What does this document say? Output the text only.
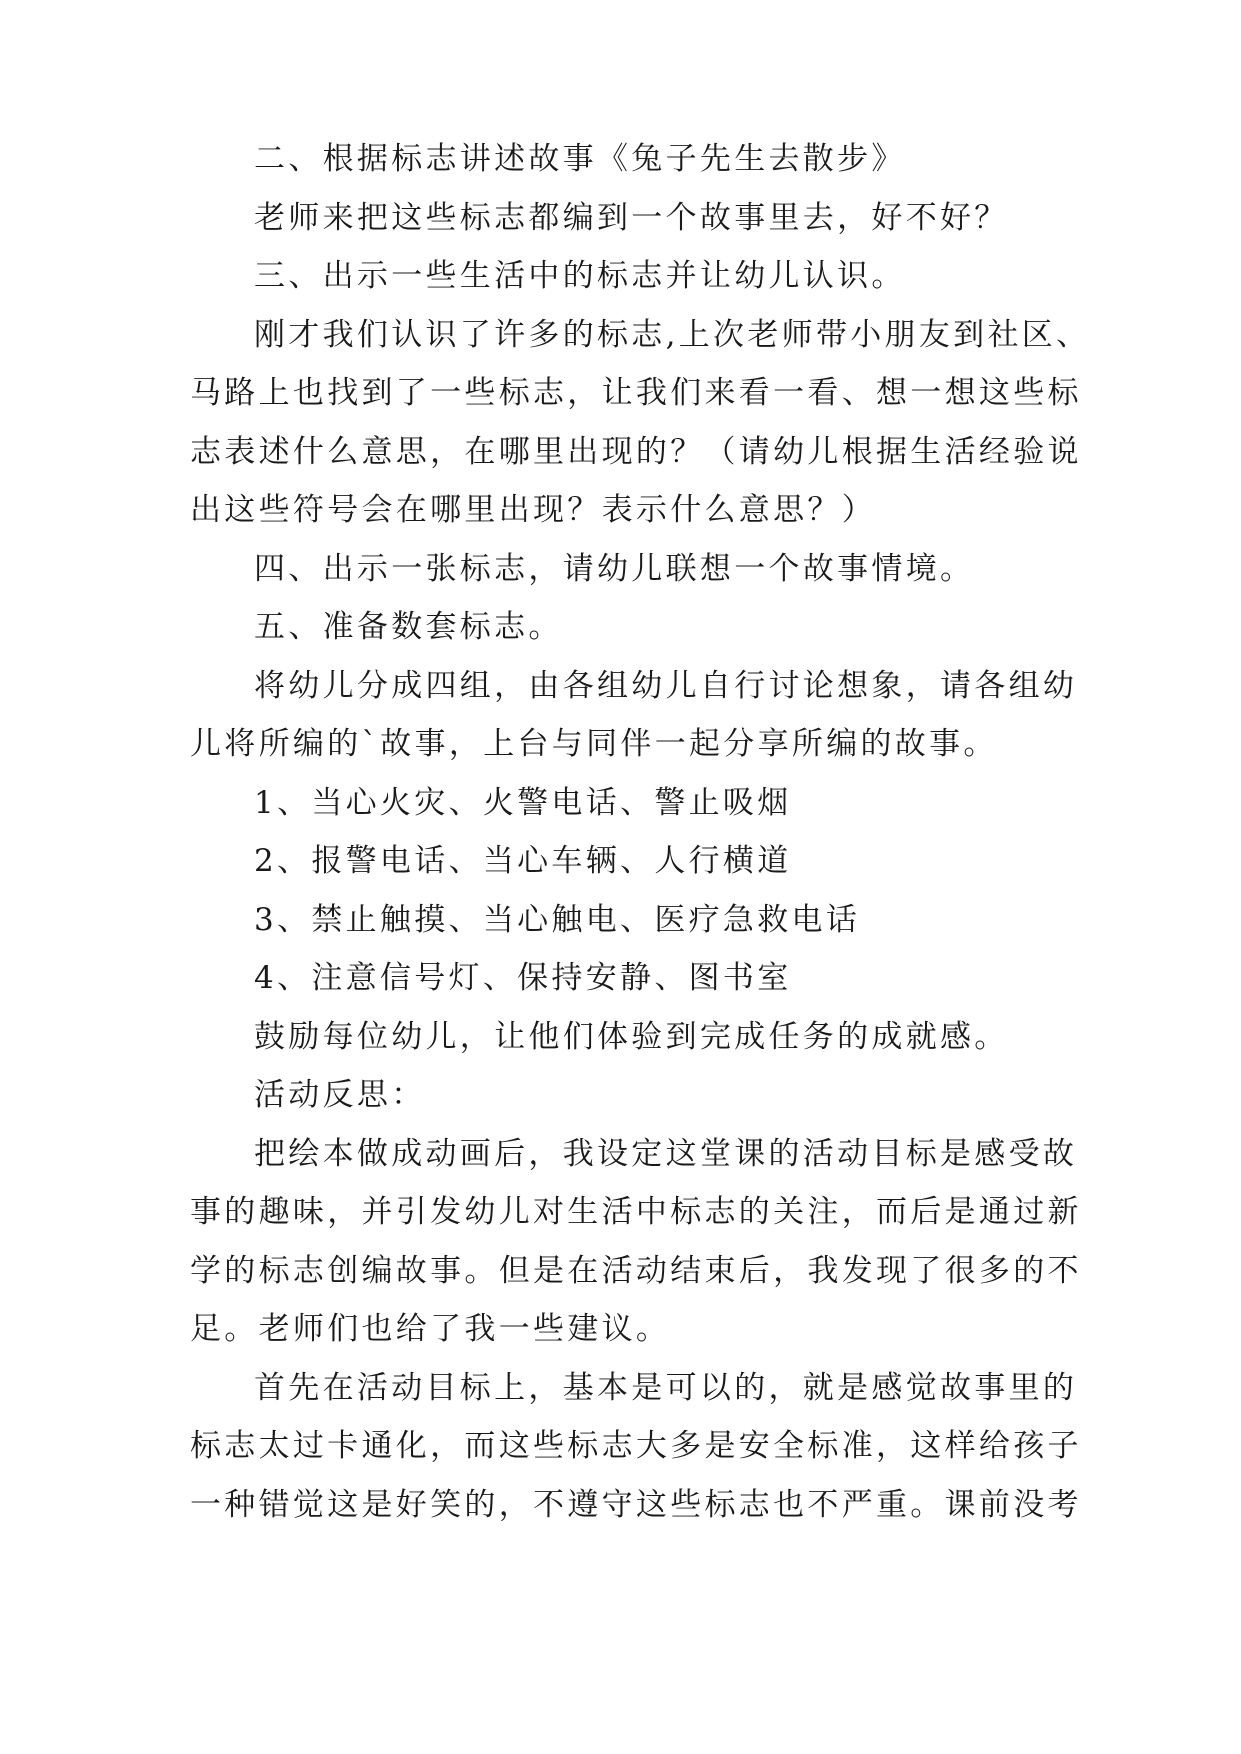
二、根据标志讲述故事《兔子先生去散步》

老师来把这些标志都编到一个故事里去，好不好？

三、出示一些生活中的标志并让幼儿认识。

刚才我们认识了许多的标志,上次老师带小朋友到社区、

马路上也找到了一些标志，让我们来看一看、想一想这些标

志表述什么意思，在哪里出现的？（请幼儿根据生活经验说

出这些符号会在哪里出现？表示什么意思？）

四、出示一张标志，请幼儿联想一个故事情境。

五、准备数套标志。

将幼儿分成四组，由各组幼儿自行讨论想象，请各组幼

儿将所编的`故事，上台与同伴一起分享所编的故事。

1、当心火灾、火警电话、警止吸烟

2、报警电话、当心车辆、人行横道

3、禁止触摸、当心触电、医疗急救电话

4、注意信号灯、保持安静、图书室

鼓励每位幼儿，让他们体验到完成任务的成就感。

活动反思：

把绘本做成动画后，我设定这堂课的活动目标是感受故

事的趣味，并引发幼儿对生活中标志的关注，而后是通过新

学的标志创编故事。但是在活动结束后，我发现了很多的不

足。老师们也给了我一些建议。

首先在活动目标上，基本是可以的，就是感觉故事里的

标志太过卡通化，而这些标志大多是安全标准，这样给孩子

一种错觉这是好笑的，不遵守这些标志也不严重。课前没考
